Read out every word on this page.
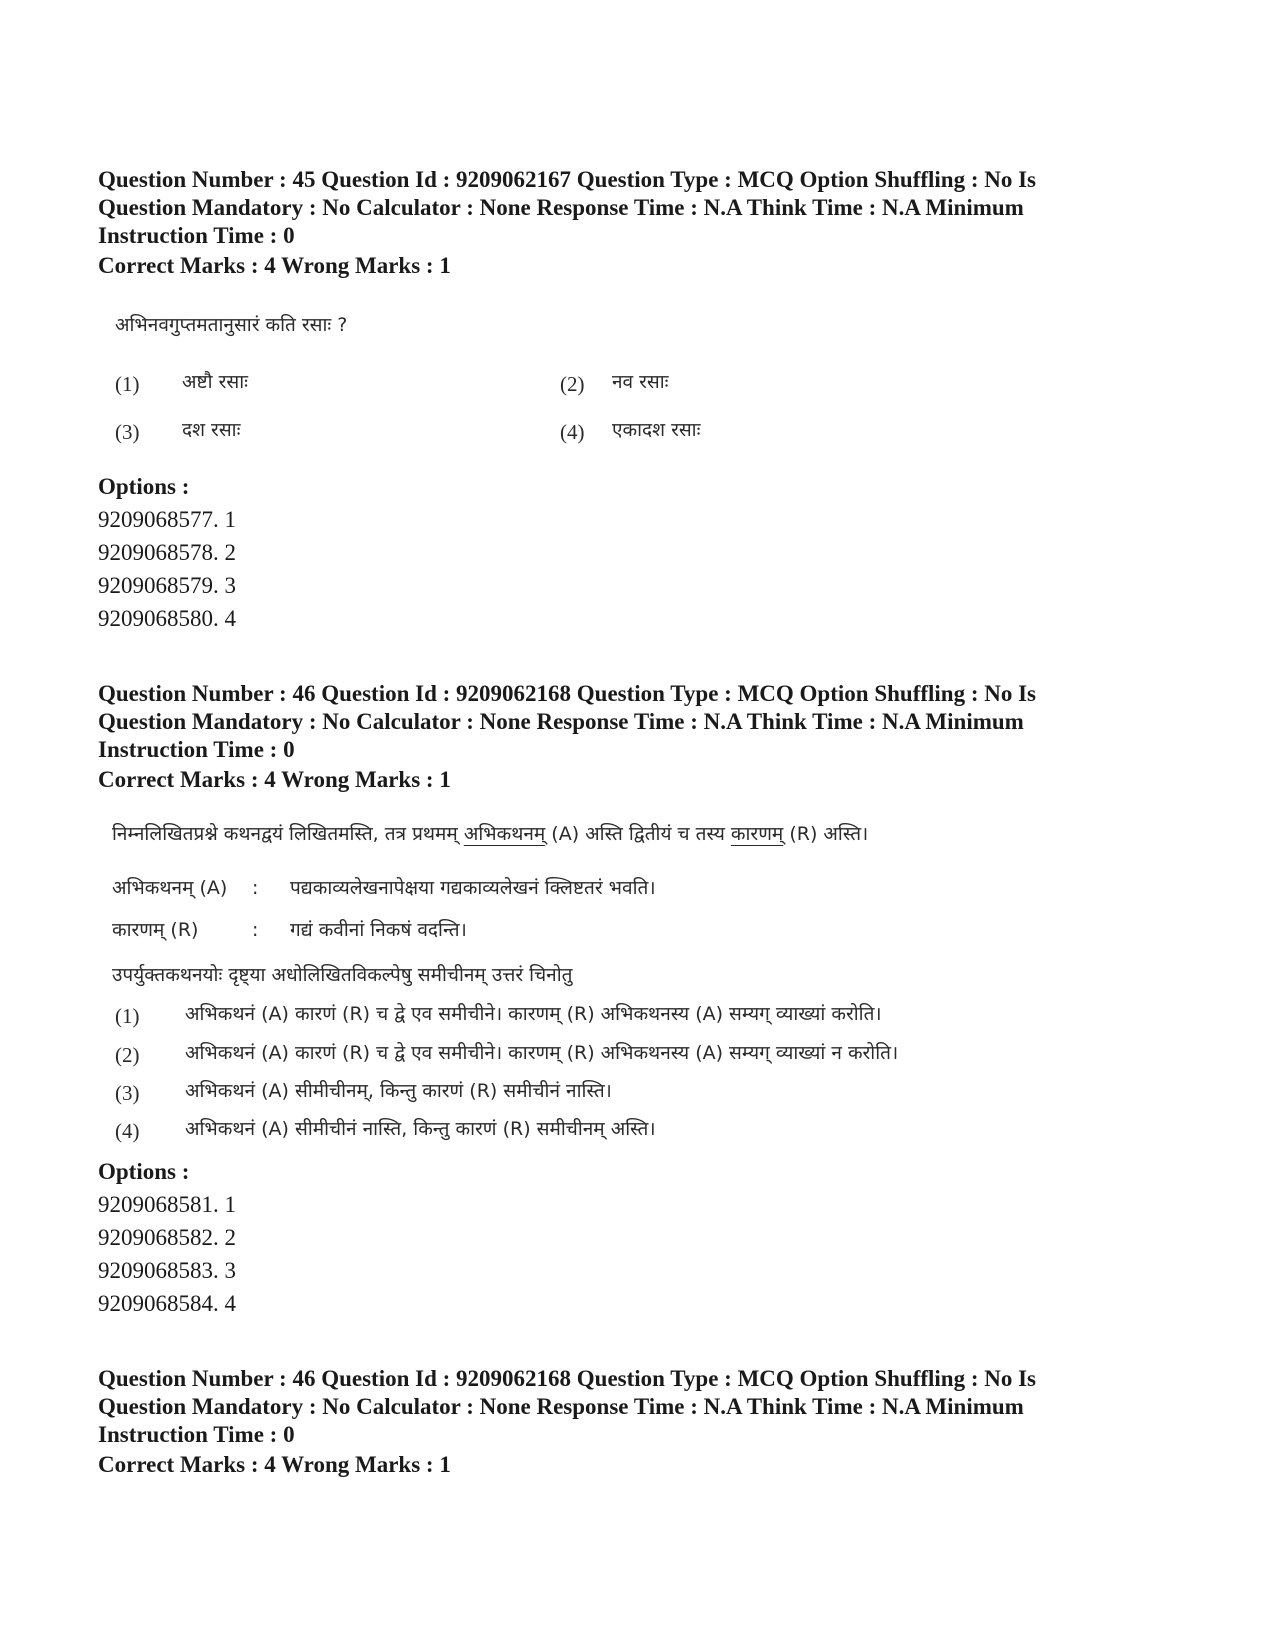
Question Number : 45 Question Id : 9209062167 Question Type : MCQ Option Shuffling : No Is Question Mandatory : No Calculator : None Response Time : N.A Think Time : N.A Minimum Instruction Time : 0
Correct Marks : 4 Wrong Marks : 1
अभिनवगुप्तमतानुसारं कति रसाः ?
(1) अष्टौ रसाः	(2) नव रसाः
(3) दश रसाः	(4) एकादश रसाः
Options :
9209068577. 1
9209068578. 2
9209068579. 3
9209068580. 4
Question Number : 46 Question Id : 9209062168 Question Type : MCQ Option Shuffling : No Is Question Mandatory : No Calculator : None Response Time : N.A Think Time : N.A Minimum Instruction Time : 0
Correct Marks : 4 Wrong Marks : 1
निम्नलिखितप्रश्ने कथनद्वयं लिखितमस्ति, तत्र प्रथमम् अभिकथनम् (A) अस्ति द्वितीयं च तस्य कारणम् (R) अस्ति।
अभिकथनम् (A) : पद्यकाव्यलेखनापेक्षया गद्यकाव्यलेखनं क्लिष्टतरं भवति।
कारणम् (R)	: गद्यं कवीनां निकषं वदन्ति।
उपर्युक्तकथनयोः दृष्ट्या अधोलिखितविकल्पेषु समीचीनम् उत्तरं चिनोतु
(1) अभिकथनं (A) कारणं (R) च द्वे एव समीचीने। कारणम् (R) अभिकथनस्य (A) सम्यग् व्याख्यां करोति।
(2) अभिकथनं (A) कारणं (R) च द्वे एव समीचीने। कारणम् (R) अभिकथनस्य (A) सम्यग् व्याख्यां न करोति।
(3) अभिकथनं (A) सीमीचीनम्, किन्तु कारणं (R) समीचीनं नास्ति।
(4) अभिकथनं (A) सीमीचीनं नास्ति, किन्तु कारणं (R) समीचीनम् अस्ति।
Options :
9209068581. 1
9209068582. 2
9209068583. 3
9209068584. 4
Question Number : 46 Question Id : 9209062168 Question Type : MCQ Option Shuffling : No Is Question Mandatory : No Calculator : None Response Time : N.A Think Time : N.A Minimum Instruction Time : 0
Correct Marks : 4 Wrong Marks : 1
